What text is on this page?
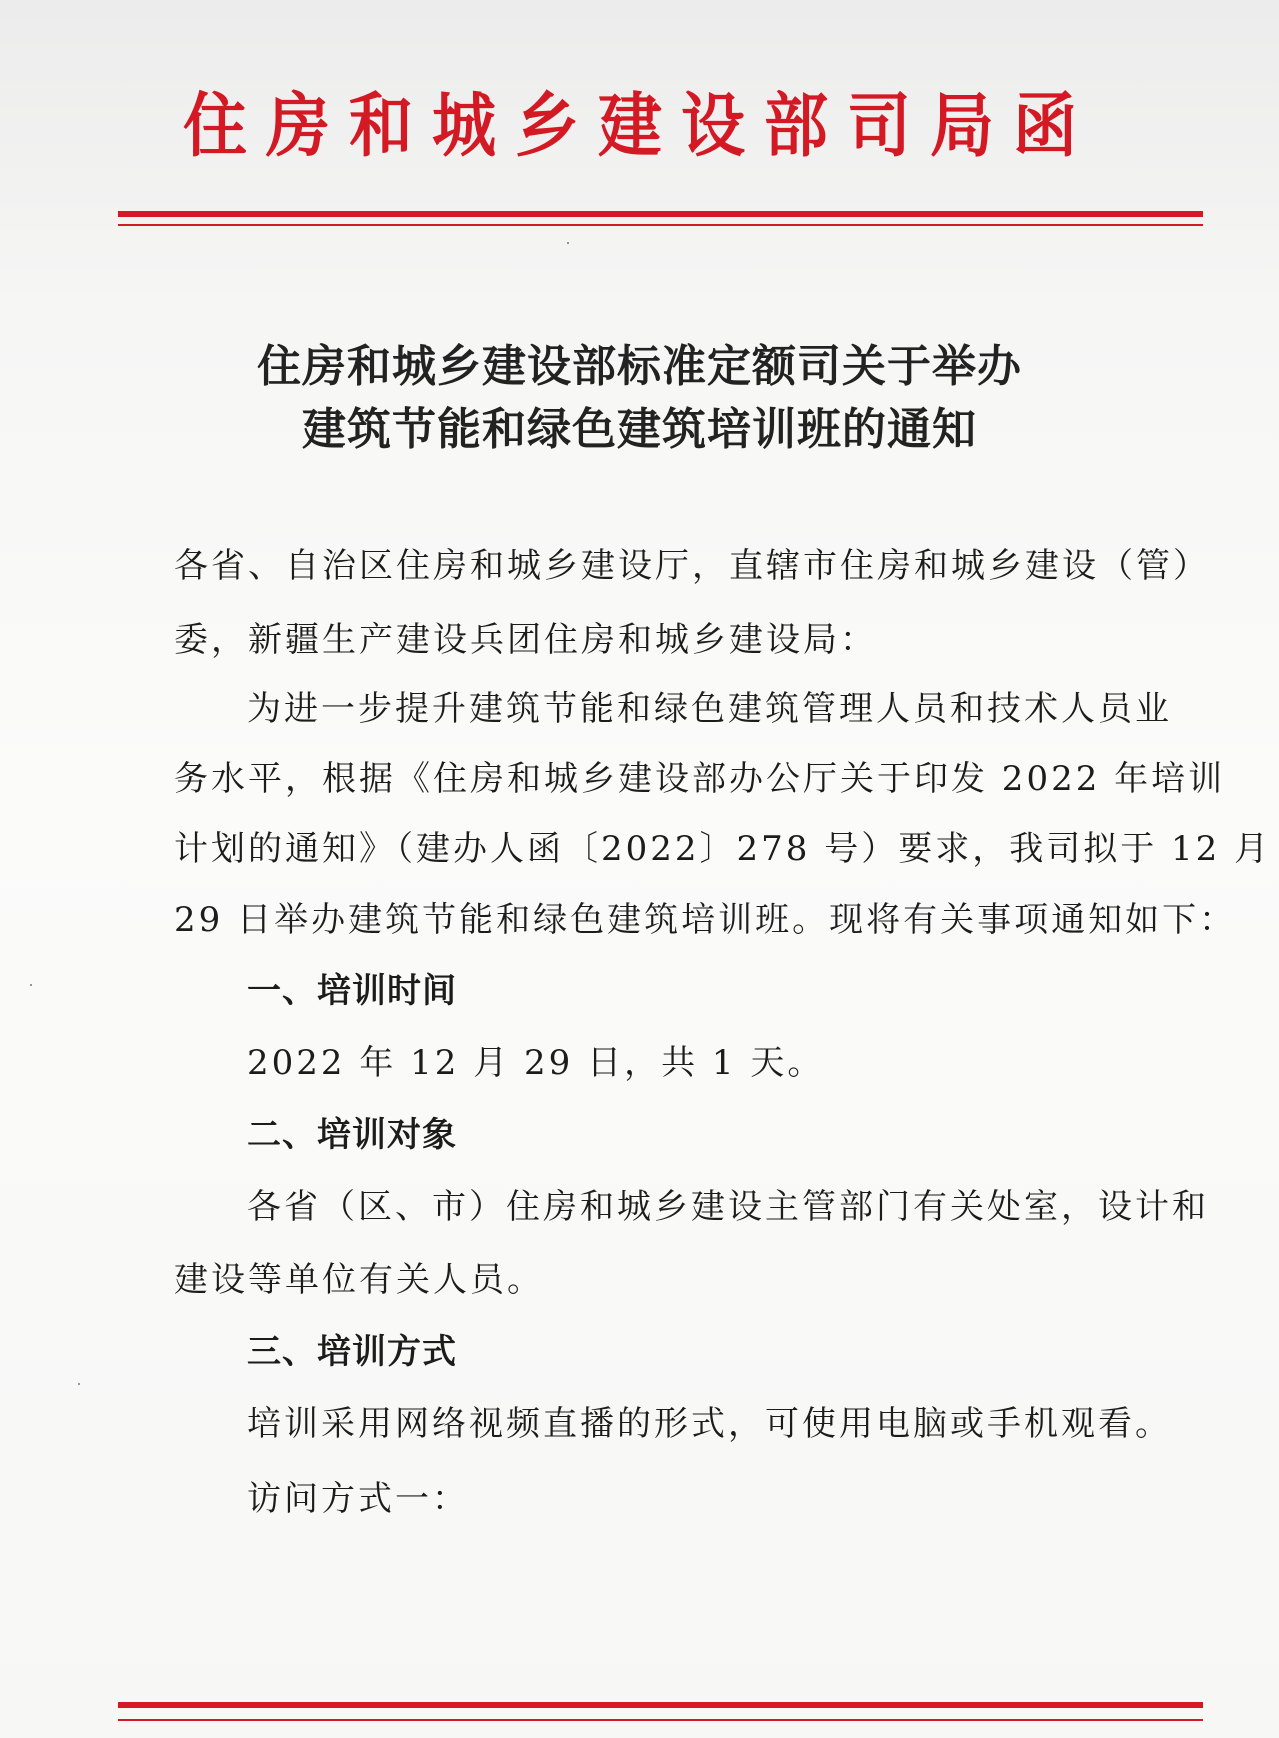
住房和城乡建设部司局函
住房和城乡建设部标准定额司关于举办
建筑节能和绿色建筑培训班的通知
各省、自治区住房和城乡建设厅，直辖市住房和城乡建设（管）
委，新疆生产建设兵团住房和城乡建设局：
为进一步提升建筑节能和绿色建筑管理人员和技术人员业
务水平，根据《住房和城乡建设部办公厅关于印发 2022 年培训
计划的通知》（建办人函〔2022〕278 号）要求，我司拟于 12 月
29 日举办建筑节能和绿色建筑培训班。现将有关事项通知如下：
一、培训时间
2022 年 12 月 29 日，共 1 天。
二、培训对象
各省（区、市）住房和城乡建设主管部门有关处室，设计和
建设等单位有关人员。
三、培训方式
培训采用网络视频直播的形式，可使用电脑或手机观看。
访问方式一：
